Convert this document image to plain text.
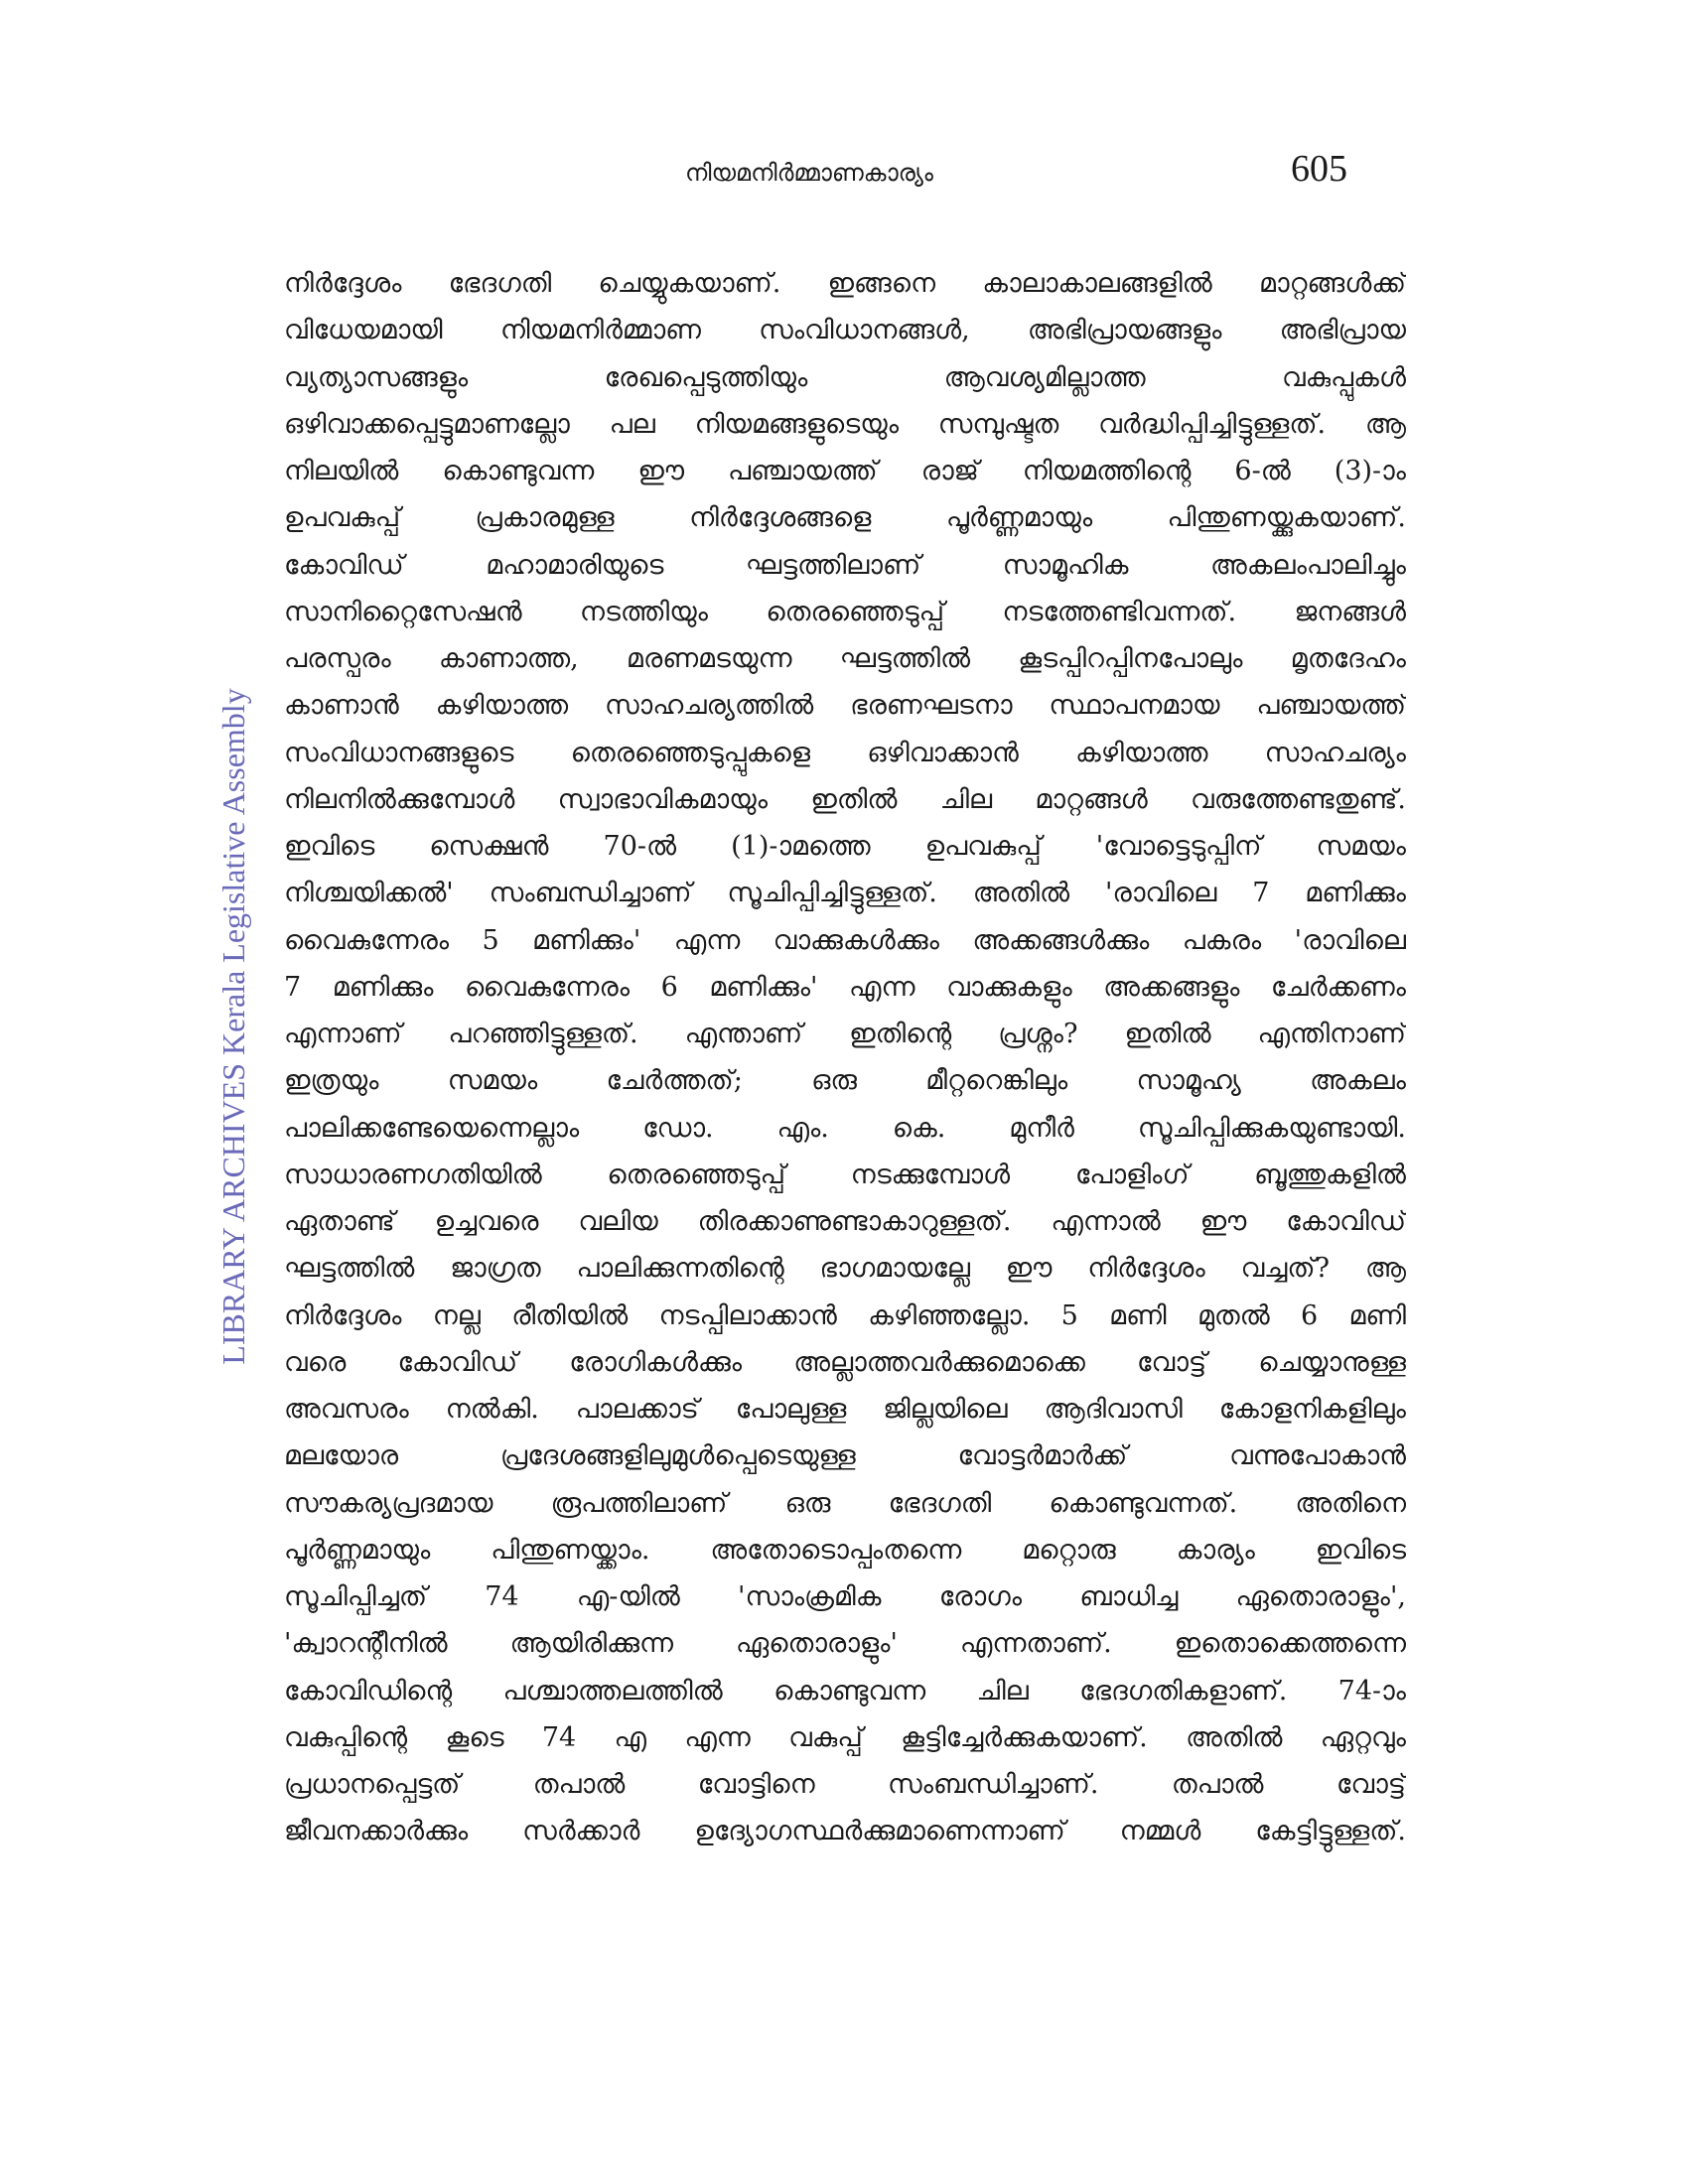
നിയമനിർമ്മാണകാര്യം	605
LIBRARY ARCHIVES Kerala Legislative Assembly
നിർദ്ദേശം ഭേദഗതി ചെയ്യുകയാണ്. ഇങ്ങനെ കാലാകാലങ്ങളിൽ മാറ്റങ്ങൾക്ക്
വിധേയമായി നിയമനിർമ്മാണ സംവിധാനങ്ങൾ, അഭിപ്രായങ്ങളും അഭിപ്രായ
വ്യത്യാസങ്ങളും രേഖപ്പെടുത്തിയും ആവശ്യമില്ലാത്ത വകുപ്പുകൾ
ഒഴിവാക്കപ്പെട്ടുമാണല്ലോ പല നിയമങ്ങളുടെയും സമ്പുഷ്ടത വർദ്ധിപ്പിച്ചിട്ടുള്ളത്. ആ
നിലയിൽ കൊണ്ടുവന്ന ഈ പഞ്ചായത്ത് രാജ് നിയമത്തിന്റെ 6-ൽ (3)-ാം
ഉപവകുപ്പ് പ്രകാരമുള്ള നിർദ്ദേശങ്ങളെ പൂർണ്ണമായും പിന്തുണയ്ക്കുകയാണ്.
കോവിഡ് മഹാമാരിയുടെ ഘട്ടത്തിലാണ് സാമൂഹിക അകലംപാലിച്ചും
സാനിറ്റൈസേഷൻ നടത്തിയും തെരഞ്ഞെടുപ്പ് നടത്തേണ്ടിവന്നത്. ജനങ്ങൾ
പരസ്പരം കാണാത്ത, മരണമടയുന്ന ഘട്ടത്തിൽ കൂടപ്പിറപ്പിനപോലും മൃതദേഹം
കാണാൻ കഴിയാത്ത സാഹചര്യത്തിൽ ഭരണഘടനാ സ്ഥാപനമായ പഞ്ചായത്ത്
സംവിധാനങ്ങളുടെ തെരഞ്ഞെടുപ്പുകളെ ഒഴിവാക്കാൻ കഴിയാത്ത സാഹചര്യം
നിലനിൽക്കുമ്പോൾ സ്വാഭാവികമായും ഇതിൽ ചില മാറ്റങ്ങൾ വരുത്തേണ്ടതുണ്ട്.
ഇവിടെ സെക്ഷൻ 70-ൽ (1)-ാമത്തെ ഉപവകുപ്പ് 'വോട്ടെടുപ്പിന് സമയം
നിശ്ചയിക്കൽ' സംബന്ധിച്ചാണ് സൂചിപ്പിച്ചിട്ടുള്ളത്. അതിൽ 'രാവിലെ 7 മണിക്കും
വൈകുന്നേരം 5 മണിക്കും' എന്ന വാക്കുകൾക്കും അക്കങ്ങൾക്കും പകരം 'രാവിലെ
7 മണിക്കും വൈകുന്നേരം 6 മണിക്കും' എന്ന വാക്കുകളും അക്കങ്ങളും ചേർക്കണം
എന്നാണ് പറഞ്ഞിട്ടുള്ളത്. എന്താണ് ഇതിന്റെ പ്രശ്നം? ഇതിൽ എന്തിനാണ്
ഇത്രയും സമയം ചേർത്തത്; ഒരു മീറ്ററെങ്കിലും സാമൂഹ്യ അകലം
പാലിക്കണ്ടേയെന്നെല്ലാം ഡോ. എം. കെ. മുനീർ സൂചിപ്പിക്കുകയുണ്ടായി.
സാധാരണഗതിയിൽ തെരഞ്ഞെടുപ്പ് നടക്കുമ്പോൾ പോളിംഗ് ബൂത്തുകളിൽ
ഏതാണ്ട് ഉച്ചവരെ വലിയ തിരക്കാണുണ്ടാകാറുള്ളത്. എന്നാൽ ഈ കോവിഡ്
ഘട്ടത്തിൽ ജാഗ്രത പാലിക്കുന്നതിന്റെ ഭാഗമായല്ലേ ഈ നിർദ്ദേശം വച്ചത്? ആ
നിർദ്ദേശം നല്ല രീതിയിൽ നടപ്പിലാക്കാൻ കഴിഞ്ഞല്ലോ. 5 മണി മുതൽ 6 മണി
വരെ കോവിഡ് രോഗികൾക്കും അല്ലാത്തവർക്കുമൊക്കെ വോട്ട് ചെയ്യാനുള്ള
അവസരം നൽകി. പാലക്കാട് പോലുള്ള ജില്ലയിലെ ആദിവാസി കോളനികളിലും
മലയോര പ്രദേശങ്ങളിലുമുൾപ്പെടെയുള്ള വോട്ടർമാർക്ക് വന്നുപോകാൻ
സൗകര്യപ്രദമായ രൂപത്തിലാണ് ഒരു ഭേദഗതി കൊണ്ടുവന്നത്. അതിനെ
പൂർണ്ണമായും പിന്തുണയ്ക്കാം. അതോടൊപ്പംതന്നെ മറ്റൊരു കാര്യം ഇവിടെ
സൂചിപ്പിച്ചത് 74 എ-യിൽ 'സാംക്രമിക രോഗം ബാധിച്ച ഏതൊരാളും',
'ക്വാറന്റീനിൽ ആയിരിക്കുന്ന ഏതൊരാളും' എന്നതാണ്. ഇതൊക്കെത്തന്നെ
കോവിഡിന്റെ പശ്ചാത്തലത്തിൽ കൊണ്ടുവന്ന ചില ഭേദഗതികളാണ്. 74-ാം
വകുപ്പിന്റെ കൂടെ 74 എ എന്ന വകുപ്പ് കൂട്ടിച്ചേർക്കുകയാണ്. അതിൽ ഏറ്റവും
പ്രധാനപ്പെട്ടത് തപാൽ വോട്ടിനെ സംബന്ധിച്ചാണ്. തപാൽ വോട്ട്
ജീവനക്കാർക്കും സർക്കാർ ഉദ്യോഗസ്ഥർക്കുമാണെന്നാണ് നമ്മൾ കേട്ടിട്ടുള്ളത്.
